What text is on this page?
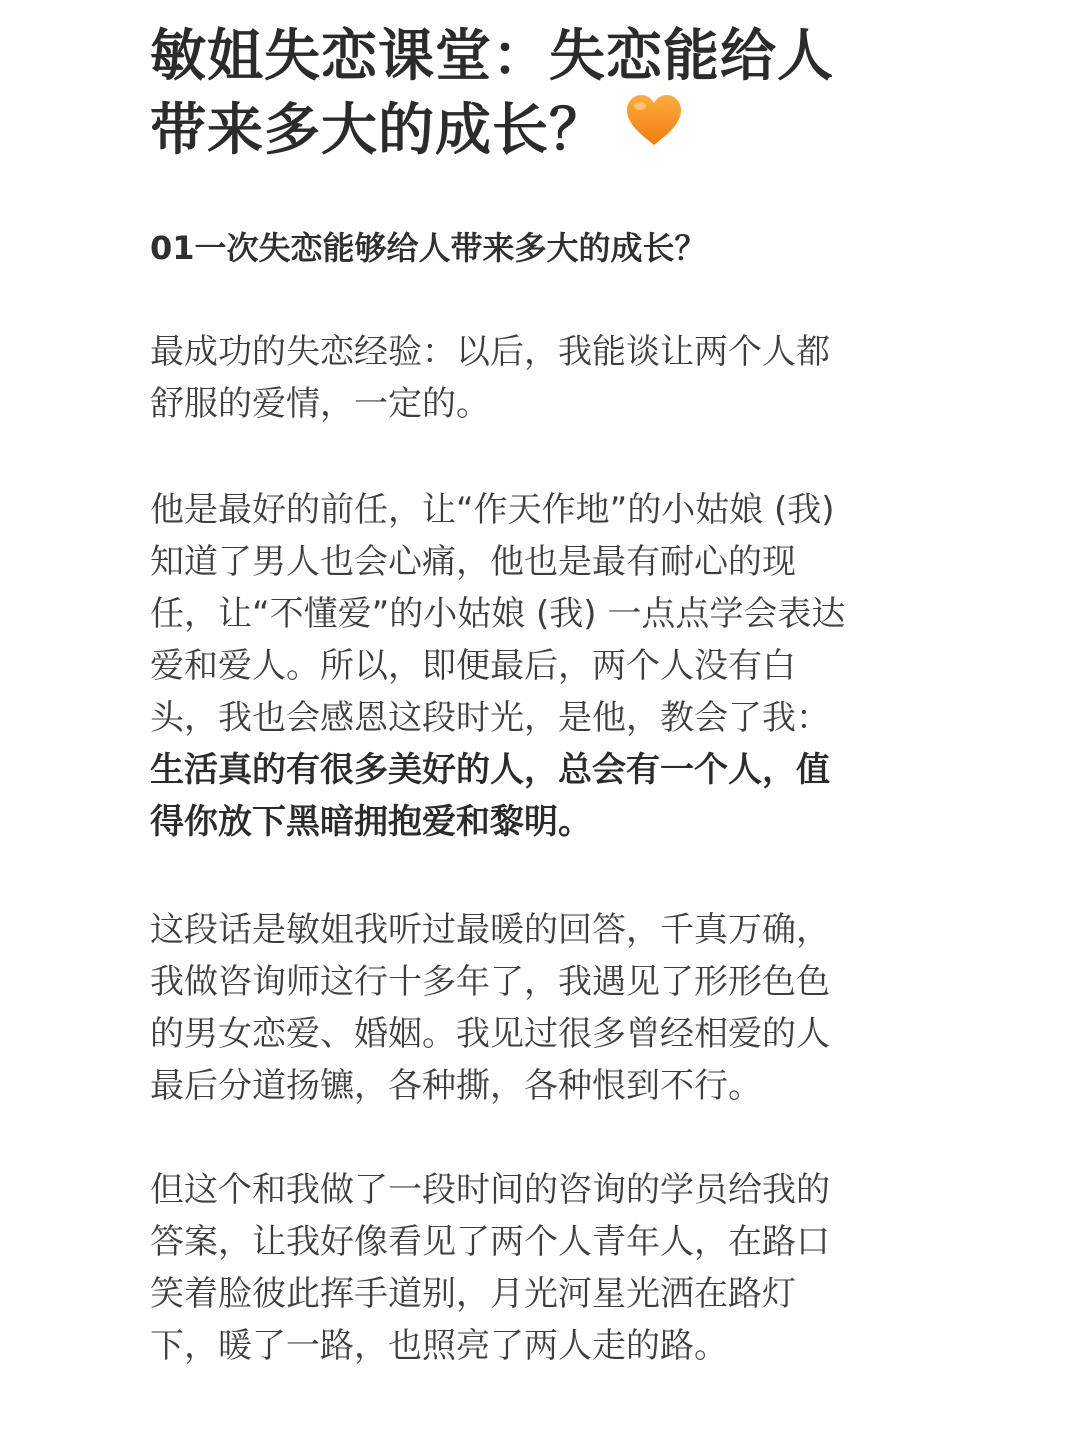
敏姐失恋课堂：失恋能给人
带来多大的成长？
01一次失恋能够给人带来多大的成长？

最成功的失恋经验：以后，我能谈让两个人都
舒服的爱情，一定的。

他是最好的前任，让“作天作地”的小姑娘 (我)
知道了男人也会心痛，他也是最有耐心的现
任，让“不懂爱”的小姑娘 (我) 一点点学会表达
爱和爱人。所以，即便最后，两个人没有白
头，我也会感恩这段时光，是他，教会了我：
生活真的有很多美好的人，总会有一个人，值
得你放下黑暗拥抱爱和黎明。

这段话是敏姐我听过最暖的回答，千真万确，
我做咨询师这行十多年了，我遇见了形形色色
的男女恋爱、婚姻。我见过很多曾经相爱的人
最后分道扬镳，各种撕，各种恨到不行。

但这个和我做了一段时间的咨询的学员给我的
答案，让我好像看见了两个人青年人，在路口
笑着脸彼此挥手道别，月光河星光洒在路灯
下，暖了一路，也照亮了两人走的路。
